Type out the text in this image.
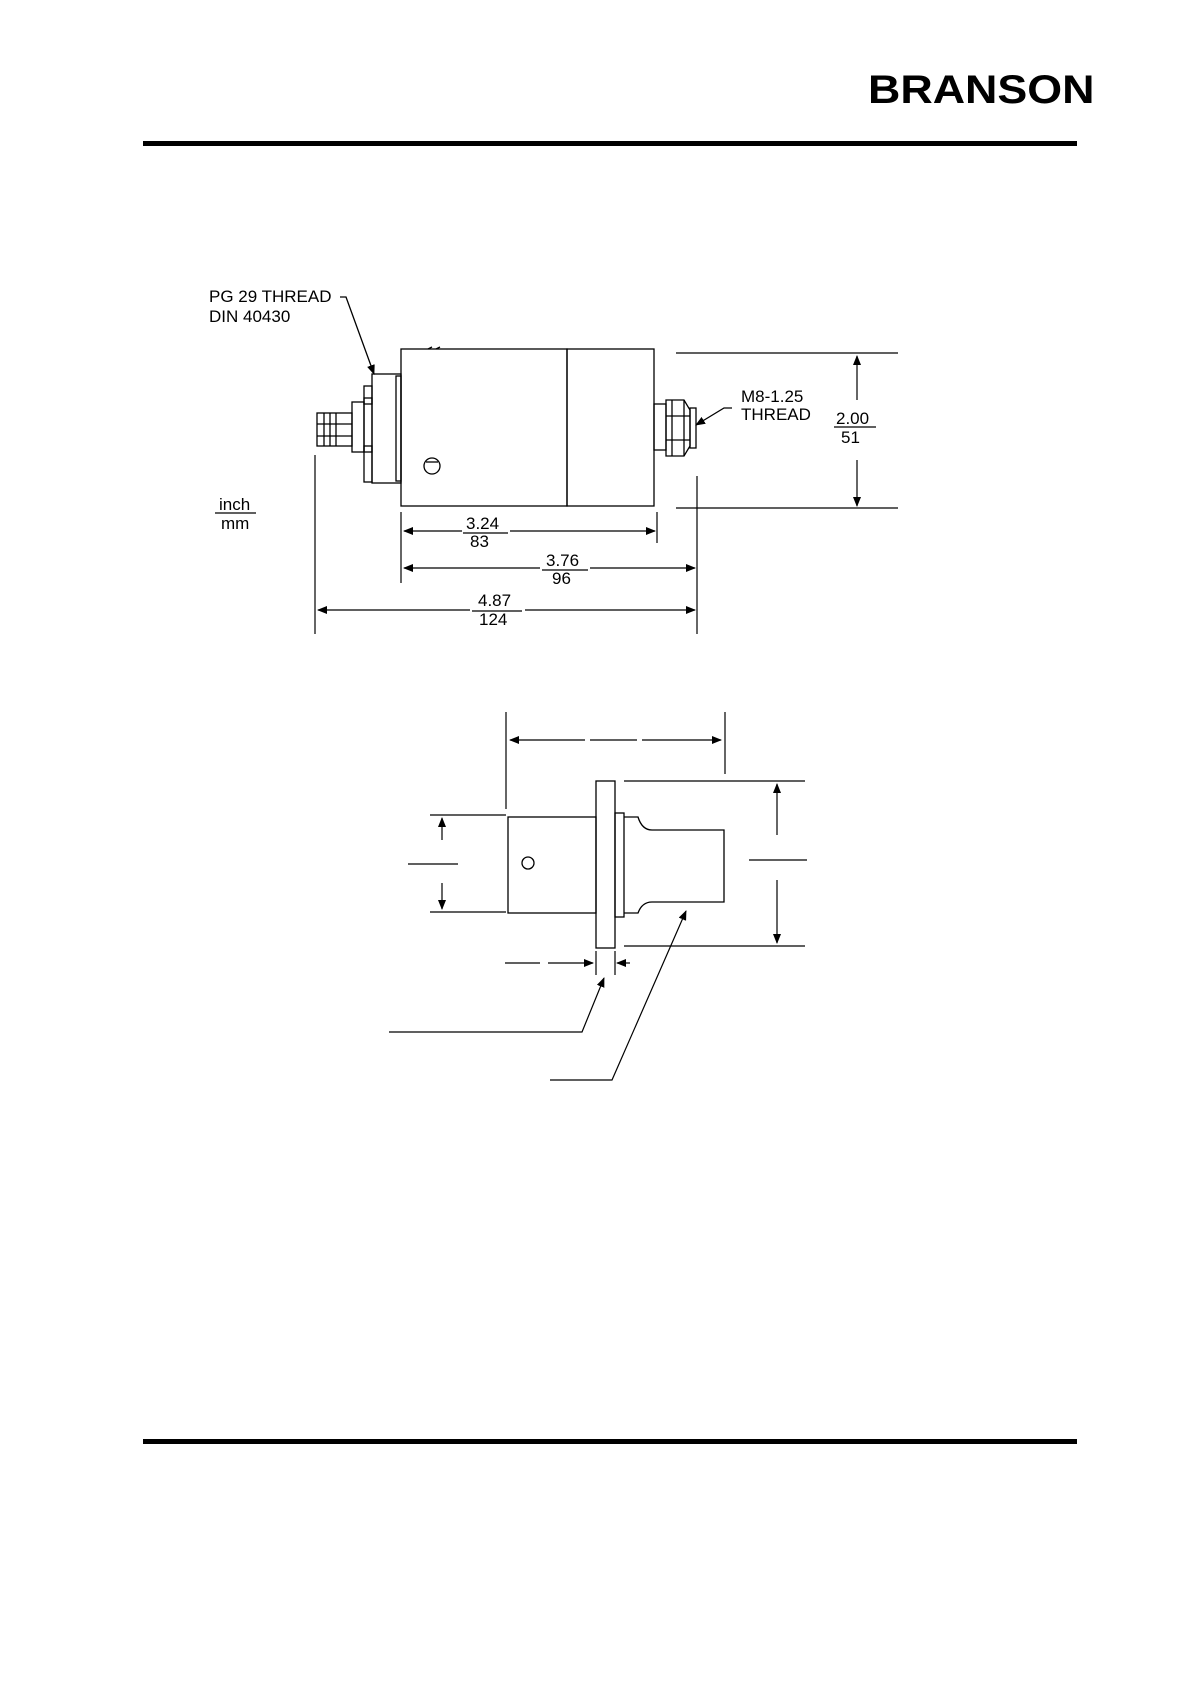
BRANSON
PG 29 THREAD
DIN 40430
M8-1.25
THREAD
inch
mm
2.00
51
3.24
83
3.76
96
4.87
124
